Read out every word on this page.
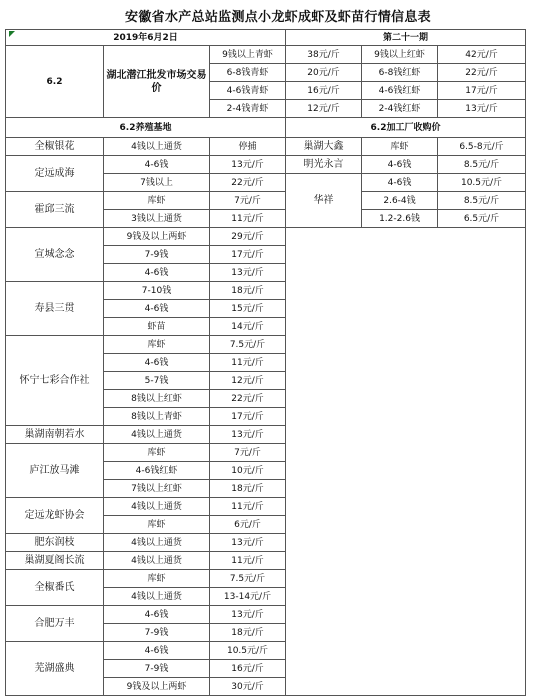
安徽省水产总站监测点小龙虾成虾及虾苗行情信息表
2019年6月2日			第二十一期		
6.2	湖北潜江批发市场交易价	9钱以上青虾	38元/斤	9钱以上红虾	42元/斤
		6-8钱青虾	20元/斤	6-8钱红虾	22元/斤
		4-6钱青虾	16元/斤	4-6钱红虾	17元/斤
		2-4钱青虾	12元/斤	2-4钱红虾	13元/斤
6.2养殖基地			6.2加工厂收购价		
全椒银花	4钱以上通货	停捕	巢湖大鑫	库虾	6.5-8元/斤
定远成海	4-6钱	13元/斤	明光永言	4-6钱	8.5元/斤
	7钱以上	22元/斤	华祥	4-6钱	10.5元/斤
霍邱三流	库虾	7元/斤		2.6-4钱	8.5元/斤
	3钱以上通货	11元/斤		1.2-2.6钱	6.5元/斤
宣城念念	9钱及以上两虾	29元/斤			
	7-9钱	17元/斤			
	4-6钱	13元/斤			
寿县三贯	7-10钱	18元/斤			
	4-6钱	15元/斤			
	虾苗	14元/斤			
怀宁七彩合作社	库虾	7.5元/斤			
	4-6钱	11元/斤			
	5-7钱	12元/斤			
	8钱以上红虾	22元/斤			
	8钱以上青虾	17元/斤			
巢湖南朝若水	4钱以上通货	13元/斤			
庐江放马滩	库虾	7元/斤			
	4-6钱红虾	10元/斤			
	7钱以上红虾	18元/斤			
定远龙虾协会	4钱以上通货	11元/斤			
	库虾	6元/斤			
肥东润枝	4钱以上通货	13元/斤			
巢湖夏阁长流	4钱以上通货	11元/斤			
全椒番氏	库虾	7.5元/斤			
	4钱以上通货	13-14元/斤			
合肥万丰	4-6钱	13元/斤			
	7-9钱	18元/斤			
芜湖盛典	4-6钱	10.5元/斤			
	7-9钱	16元/斤			
	9钱及以上两虾	30元/斤			
